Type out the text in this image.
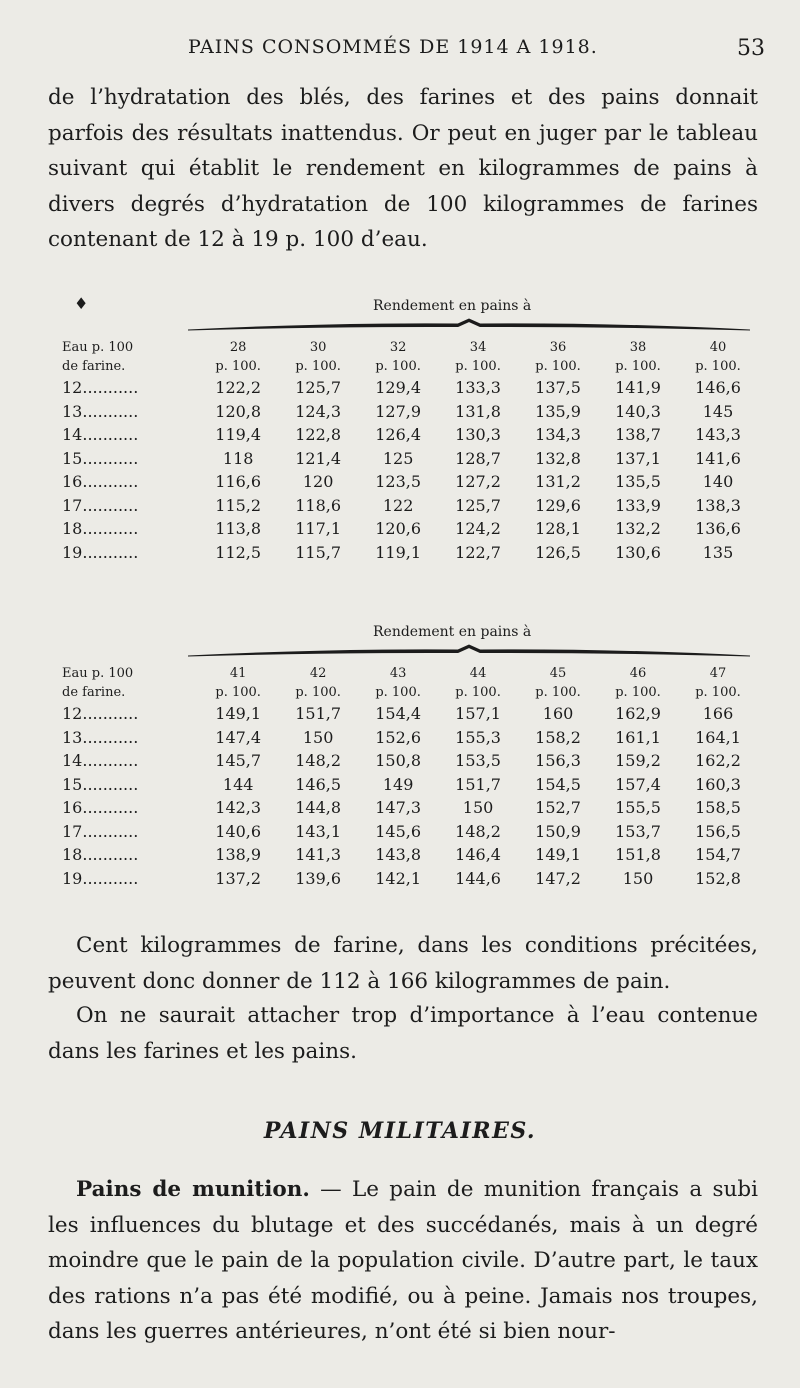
PAINS CONSOMMÉS DE 1914 A 1918.	53

de l’hydratation des blés, des farines et des pains donnait parfois des résultats inattendus. Or peut en juger par le tableau suivant qui établit le rendement en kilogrammes de pains à divers degrés d’hydratation de 100 kilogrammes de farines contenant de 12 à 19 p. 100 d’eau.

♦	Rendement en pains à
Eau p. 100	28	30	32	34	36	38	40
de farine.	p. 100.	p. 100.	p. 100.	p. 100.	p. 100.	p. 100.	p. 100.
12...........	122,2	125,7	129,4	133,3	137,5	141,9	146,6
13...........	120,8	124,3	127,9	131,8	135,9	140,3	145
14...........	119,4	122,8	126,4	130,3	134,3	138,7	143,3
15...........	118	121,4	125	128,7	132,8	137,1	141,6
16...........	116,6	120	123,5	127,2	131,2	135,5	140
17...........	115,2	118,6	122	125,7	129,6	133,9	138,3
18...........	113,8	117,1	120,6	124,2	128,1	132,2	136,6
19...........	112,5	115,7	119,1	122,7	126,5	130,6	135
Rendement en pains à
Eau p. 100	41	42	43	44	45	46	47
de farine.	p. 100.	p. 100.	p. 100.	p. 100.	p. 100.	p. 100.	p. 100.
12...........	149,1	151,7	154,4	157,1	160	162,9	166
13...........	147,4	150	152,6	155,3	158,2	161,1	164,1
14...........	145,7	148,2	150,8	153,5	156,3	159,2	162,2
15...........	144	146,5	149	151,7	154,5	157,4	160,3
16...........	142,3	144,8	147,3	150	152,7	155,5	158,5
17...........	140,6	143,1	145,6	148,2	150,9	153,7	156,5
18...........	138,9	141,3	143,8	146,4	149,1	151,8	154,7
19...........	137,2	139,6	142,1	144,6	147,2	150	152,8

Cent kilogrammes de farine, dans les conditions précitées, peuvent donc donner de 112 à 166 kilogrammes de pain.

On ne saurait attacher trop d’importance à l’eau contenue dans les farines et les pains.

PAINS MILITAIRES.

Pains de munition. — Le pain de munition français a subi les influences du blutage et des succédanés, mais à un degré moindre que le pain de la population civile. D’autre part, le taux des rations n’a pas été modifié, ou à peine. Jamais nos troupes, dans les guerres antérieures, n’ont été si bien nour-
